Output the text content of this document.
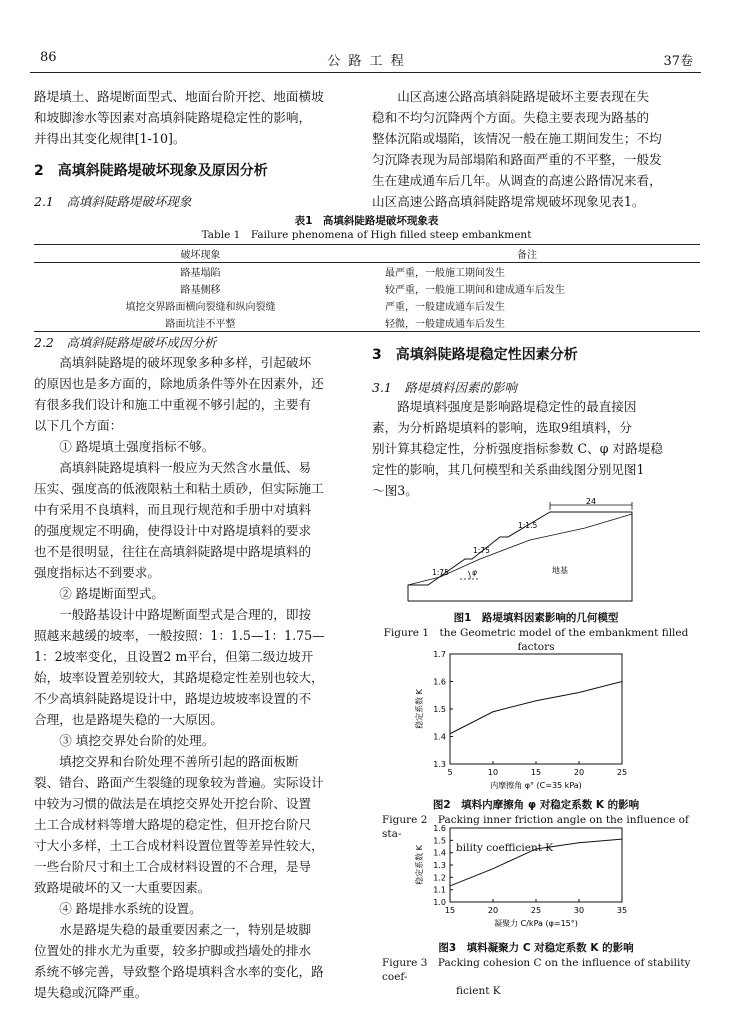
86	公 路 工 程	37卷

路堤填土、路堤断面型式、地面台阶开挖、地面横坡

和坡脚渗水等因素对高填斜陡路堤稳定性的影响，

并得出其变化规律[1-10]。

2　高填斜陡路堤破坏现象及原因分析
2.1　高填斜陡路堤破坏现象

山区高速公路高填斜陡路堤破坏主要表现在失

稳和不均匀沉降两个方面。失稳主要表现为路基的

整体沉陷或塌陷，该情况一般在施工期间发生；不均

匀沉降表现为局部塌陷和路面严重的不平整，一般发

生在建成通车后几年。从调查的高速公路情况来看，

山区高速公路高填斜陡路堤常规破坏现象见表1。

表1　高填斜陡路堤破坏现象表
Table 1　Failure phenomena of High filled steep embankment
破坏现象	备注
路基塌陷	最严重，一般施工期间发生
路基侧移	较严重，一般施工期间和建成通车后发生
填挖交界路面横向裂缝和纵向裂缝	严重，一般建成通车后发生
路面坑洼不平整	轻微，一般建成通车后发生
2.2　高填斜陡路堤破坏成因分析

高填斜陡路堤的破坏现象多种多样，引起破坏

的原因也是多方面的，除地质条件等外在因素外，还

有很多我们设计和施工中重视不够引起的，主要有

以下几个方面：

① 路堤填土强度指标不够。

高填斜陡路堤填料一般应为天然含水量低、易

压实、强度高的低液限粘土和粘土质砂，但实际施工

中有采用不良填料，而且现行规范和手册中对填料

的强度规定不明确，使得设计中对路堤填料的要求

也不是很明显，往往在高填斜陡路堤中路堤填料的

强度指标达不到要求。

② 路堤断面型式。

一般路基设计中路堤断面型式是合理的，即按

照越来越缓的坡率，一般按照：1：1.5—1：1.75—

1：2坡率变化，且设置2 m平台，但第二级边坡开

始，坡率设置差别较大，其路堤稳定性差别也较大，

不少高填斜陡路堤设计中，路堤边坡坡率设置的不

合理，也是路堤失稳的一大原因。

③ 填挖交界处台阶的处理。

填挖交界和台阶处理不善所引起的路面板断

裂、错台、路面产生裂缝的现象较为普遍。实际设计

中较为习惯的做法是在填挖交界处开挖台阶、设置

土工合成材料等增大路堤的稳定性，但开挖台阶尺

寸大小多样，土工合成材料设置位置等差异性较大，

一些台阶尺寸和土工合成材料设置的不合理，是导

致路堤破坏的又一大重要因素。

④ 路堤排水系统的设置。

水是路堤失稳的最重要因素之一，特别是坡脚

位置处的排水尤为重要，较多护脚或挡墙处的排水

系统不够完善，导致整个路堤填料含水率的变化，路

堤失稳或沉降严重。

3　高填斜陡路堤稳定性因素分析
3.1　路堤填料因素的影响

路堤填料强度是影响路堤稳定性的最直接因

素，为分析路堤填料的影响，选取9组填料，分

别计算其稳定性，分析强度指标参数 C、φ 对路堤稳

定性的影响，其几何模型和关系曲线图分别见图1

～图3。

24
1:1.5
1:75
1:75	地基
φ
图1　路堤填料因素影响的几何模型
Figure 1　the Geometric model of the embankment filled factors
5	10	15	20	25
1.3
1.4
1.5
1.6
1.7
内摩擦角 φ° (C=35 kPa)
稳定系数 K
图2　填料内摩擦角 φ 对稳定系数 K 的影响
Figure 2　Packing inner friction angle on the influence of sta-
bility coefficient K
15	20	25	30	35
1.0
1.1
1.2
1.3
1.4
1.5
1.6
凝聚力 C/kPa (φ=15°)
稳定系数 K
图3　填料凝聚力 C 对稳定系数 K 的影响
Figure 3　Packing cohesion C on the influence of stability coef-
ficient K
